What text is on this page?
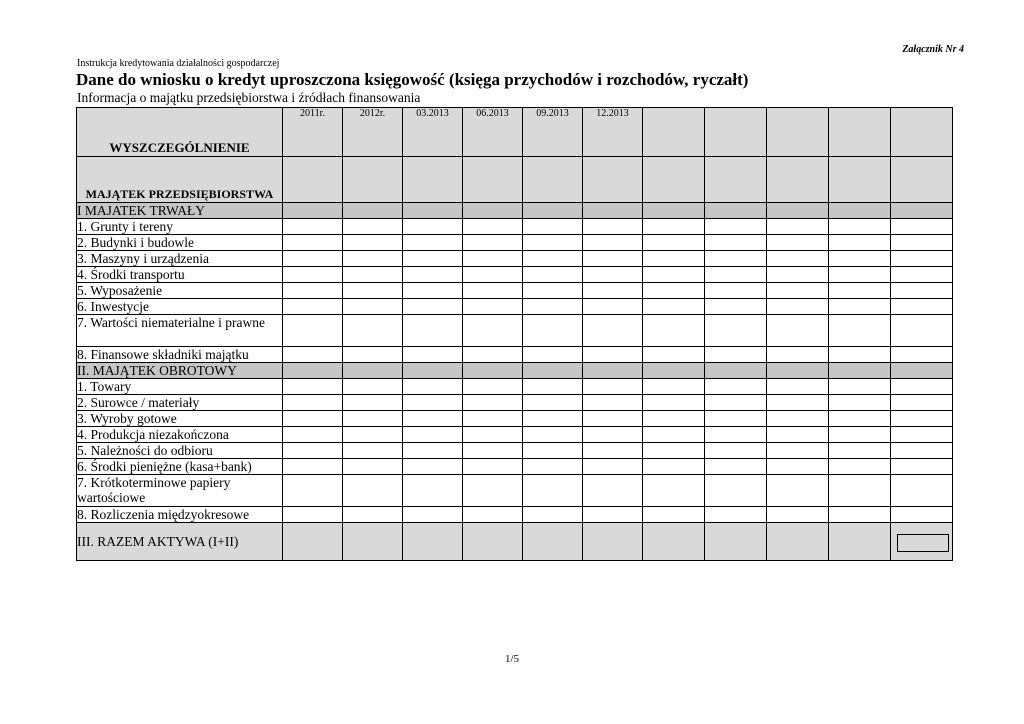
Załącznik Nr 4
Instrukcja kredytowania działalności gospodarczej
Dane do wniosku o kredyt uproszczona księgowość (księga przychodów i rozchodów, ryczałt)
Informacja o majątku przedsiębiorstwa i źródłach finansowania
WYSZCZEGÓLNIENIE	2011r.	2012r.	03.2013	06.2013	09.2013	12.2013					
MAJĄTEK PRZEDSIĘBIORSTWA											
I MAJATEK TRWAŁY											
1. Grunty i tereny											
2. Budynki i budowle											
3. Maszyny i urządzenia											
4. Środki transportu											
5. Wyposażenie											
6. Inwestycje											
7. Wartości niematerialne i prawne											
8. Finansowe składniki majątku											
II. MAJĄTEK OBROTOWY											
1. Towary											
2. Surowce / materiały											
3. Wyroby gotowe											
4. Produkcja niezakończona											
5. Należności do odbioru											
6. Środki pieniężne (kasa+bank)											
7. Krótkoterminowe papiery wartościowe											
8. Rozliczenia międzyokresowe											
III. RAZEM AKTYWA (I+II)											
1/5
